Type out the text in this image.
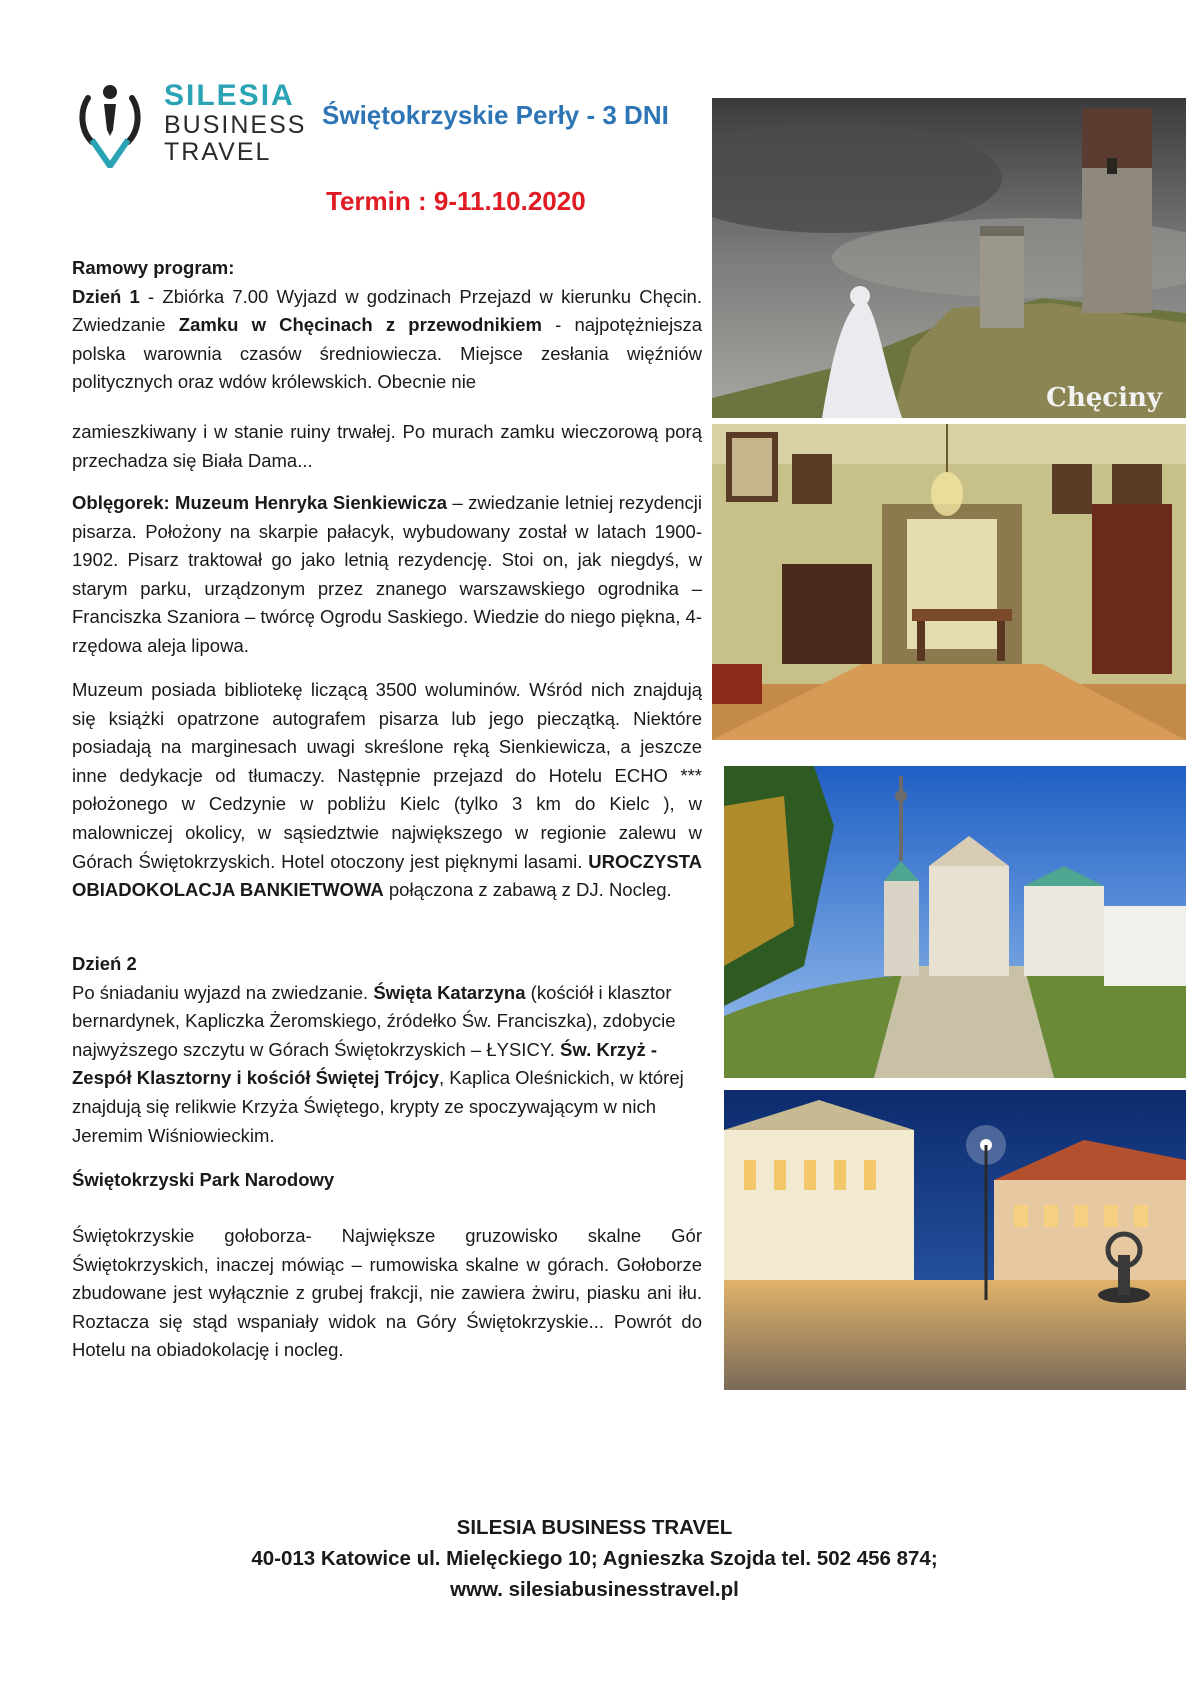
SILESIA
BUSINESS
TRAVEL
Świętokrzyskie Perły - 3 DNI
Termin : 9-11.10.2020
Ramowy program:
Dzień 1 - Zbiórka 7.00 Wyjazd w godzinach Przejazd w kierunku Chęcin. Zwiedzanie Zamku w Chęcinach z przewodnikiem - najpotężniejsza polska warownia czasów średniowiecza. Miejsce zesłania więźniów politycznych oraz wdów królewskich. Obecnie nie
zamieszkiwany i w stanie ruiny trwałej. Po murach zamku wieczorową porą przechadza się Biała Dama...
Oblęgorek: Muzeum Henryka Sienkiewicza – zwiedzanie letniej rezydencji pisarza. Położony na skarpie pałacyk, wybudowany został w latach 1900-1902. Pisarz traktował go jako letnią rezydencję. Stoi on, jak niegdyś, w starym parku, urządzonym przez znanego warszawskiego ogrodnika – Franciszka Szaniora – twórcę Ogrodu Saskiego. Wiedzie do niego piękna, 4-rzędowa aleja lipowa.
Muzeum posiada bibliotekę liczącą 3500 woluminów. Wśród nich znajdują się książki opatrzone autografem pisarza lub jego pieczątką. Niektóre posiadają na marginesach uwagi skreślone ręką Sienkiewicza, a jeszcze inne dedykacje od tłumaczy. Następnie przejazd do Hotelu ECHO *** położonego w Cedzynie w pobliżu Kielc (tylko 3 km do Kielc ), w malowniczej okolicy, w sąsiedztwie największego w regionie zalewu w Górach Świętokrzyskich. Hotel otoczony jest pięknymi lasami. UROCZYSTA OBIADOKOLACJA BANKIETWOWA połączona z zabawą z DJ. Nocleg.
Dzień 2
Po śniadaniu wyjazd na zwiedzanie. Święta Katarzyna (kościół i klasztor bernardynek, Kapliczka Żeromskiego, źródełko Św. Franciszka), zdobycie najwyższego szczytu w Górach Świętokrzyskich – ŁYSICY. Św. Krzyż - Zespół Klasztorny i kościół Świętej Trójcy, Kaplica Oleśnickich, w której znajdują się relikwie Krzyża Świętego, krypty ze spoczywającym w nich Jeremim Wiśniowieckim.
Świętokrzyski Park Narodowy
Świętokrzyskie gołoborza- Największe gruzowisko skalne Gór Świętokrzyskich, inaczej mówiąc – rumowiska skalne w górach. Gołoborze zbudowane jest wyłącznie z grubej frakcji, nie zawiera żwiru, piasku ani iłu. Roztacza się stąd wspaniały widok na Góry Świętokrzyskie... Powrót do Hotelu na obiadokolację i nocleg.
Chęciny
SILESIA BUSINESS TRAVEL
40-013 Katowice ul. Mielęckiego 10; Agnieszka Szojda tel. 502 456 874;
www. silesiabusinesstravel.pl
